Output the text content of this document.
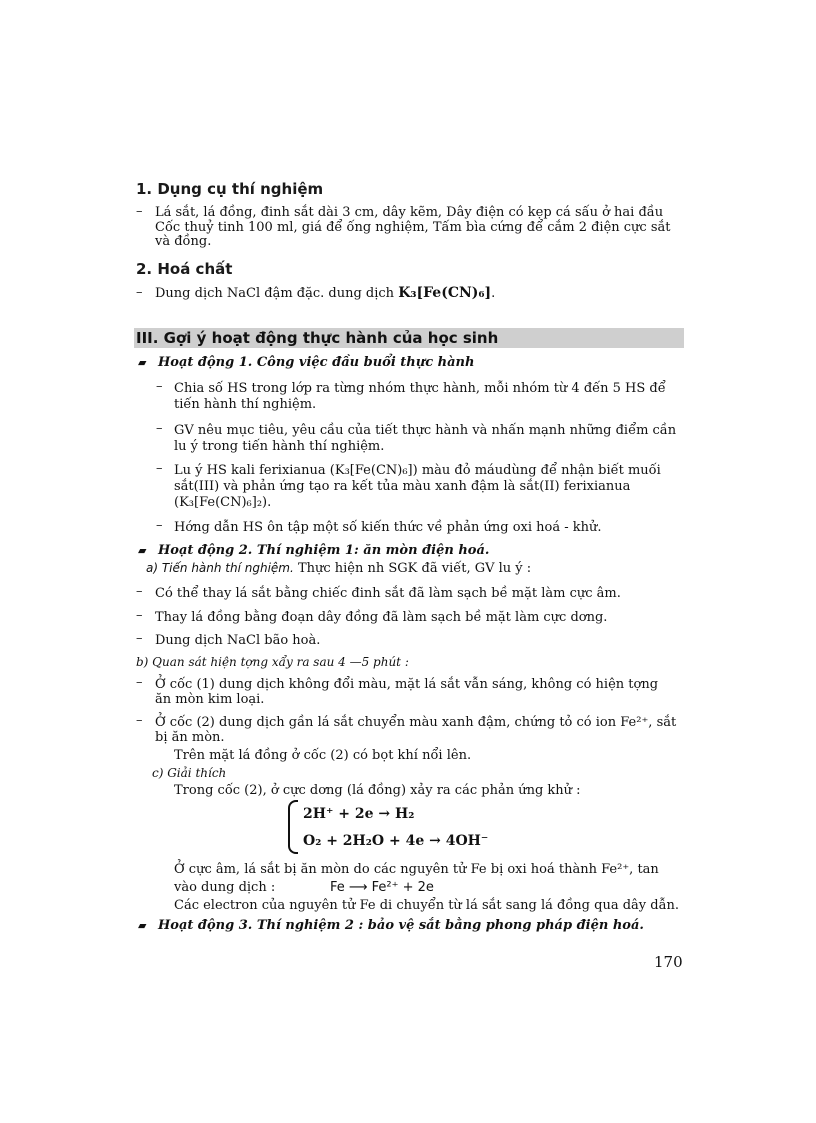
1. Dụng cụ thí nghiệm
– Lá sắt, lá đồng, đinh sắt dài 3 cm, dây kẽm, Dây điện có kẹp cá sấu ở hai đầu
Cốc thuỷ tinh 100 ml, giá để ống nghiệm, Tấm bìa cứng để cắm 2 điện cực sắt
và đồng.
2. Hoá chất
– Dung dịch NaCl đậm đặc. dung dịch K₃[Fe(CN)₆].
III. Gợi ý hoạt động thực hành của học sinh
▰ Hoạt động 1. Công việc đầu buổi thực hành
– Chia số HS trong lớp ra từng nhóm thực hành, mỗi nhóm từ 4 đến 5 HS để
tiến hành thí nghiệm.
– GV nêu mục tiêu, yêu cầu của tiết thực hành và nhấn mạnh những điểm cần
lu ý trong tiến hành thí nghiệm.
– Lu ý HS kali ferixianua (K₃[Fe(CN)₆]) màu đỏ máudùng để nhận biết muối
sắt(III) và phản ứng tạo ra kết tủa màu xanh đậm là sắt(II) ferixianua
(K₃[Fe(CN)₆]₂).
– Hớng dẫn HS ôn tập một số kiến thức về phản ứng oxi hoá - khử.
▰ Hoạt động 2. Thí nghiệm 1: ăn mòn điện hoá.
a) Tiến hành thí nghiệm. Thực hiện nh SGK đã viết, GV lu ý :
– Có thể thay lá sắt bằng chiếc đinh sắt đã làm sạch bề mặt làm cực âm.
– Thay lá đồng bằng đoạn dây đồng đã làm sạch bề mặt làm cực dơng.
– Dung dịch NaCl bão hoà.
b) Quan sát hiện tợng xẩy ra sau 4 —5 phút :
– Ở cốc (1) dung dịch không đổi màu, mặt lá sắt vẫn sáng, không có hiện tợng
ăn mòn kim loại.
– Ở cốc (2) dung dịch gần lá sắt chuyển màu xanh đậm, chứng tỏ có ion Fe²⁺, sắt
bị ăn mòn.
Trên mặt lá đồng ở cốc (2) có bọt khí nổi lên.
c) Giải thích
Trong cốc (2), ở cực dơng (lá đồng) xảy ra các phản ứng khử :
2H⁺ + 2e → H₂
O₂ + 2H₂O + 4e → 4OH⁻
Ở cực âm, lá sắt bị ăn mòn do các nguyên tử Fe bị oxi hoá thành Fe²⁺, tan
vào dung dịch :	Fe ⟶ Fe²⁺ + 2e
Các electron của nguyên tử Fe di chuyển từ lá sắt sang lá đồng qua dây dẫn.
▰ Hoạt động 3. Thí nghiệm 2 : bảo vệ sắt bằng phong pháp điện hoá.
170
